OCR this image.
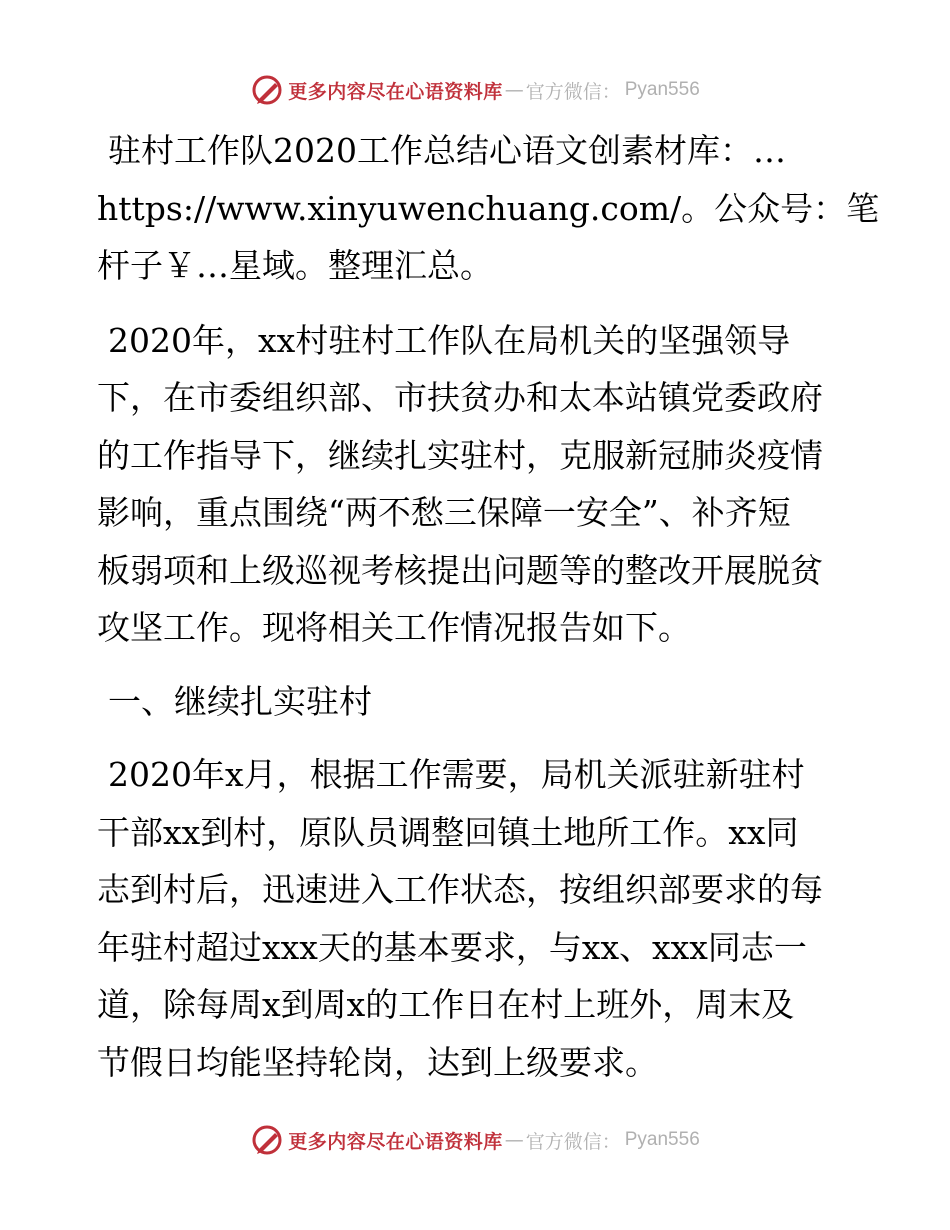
更多内容尽在心语资料库 — 官方微信： Pyan556

驻村工作队2020工作总结心语文创素材库：…
https://www.xinyuwenchuang.com/。公众号：笔
杆子￥…星域。整理汇总。

2020年，xx村驻村工作队在局机关的坚强领导
下，在市委组织部、市扶贫办和太本站镇党委政府
的工作指导下，继续扎实驻村，克服新冠肺炎疫情
影响，重点围绕“两不愁三保障一安全”、补齐短
板弱项和上级巡视考核提出问题等的整改开展脱贫
攻坚工作。现将相关工作情况报告如下。

一、继续扎实驻村

2020年x月，根据工作需要，局机关派驻新驻村
干部xx到村，原队员调整回镇土地所工作。xx同
志到村后，迅速进入工作状态，按组织部要求的每
年驻村超过xxx天的基本要求，与xx、xxx同志一
道，除每周x到周x的工作日在村上班外，周末及
节假日均能坚持轮岗，达到上级要求。

更多内容尽在心语资料库 — 官方微信： Pyan556
